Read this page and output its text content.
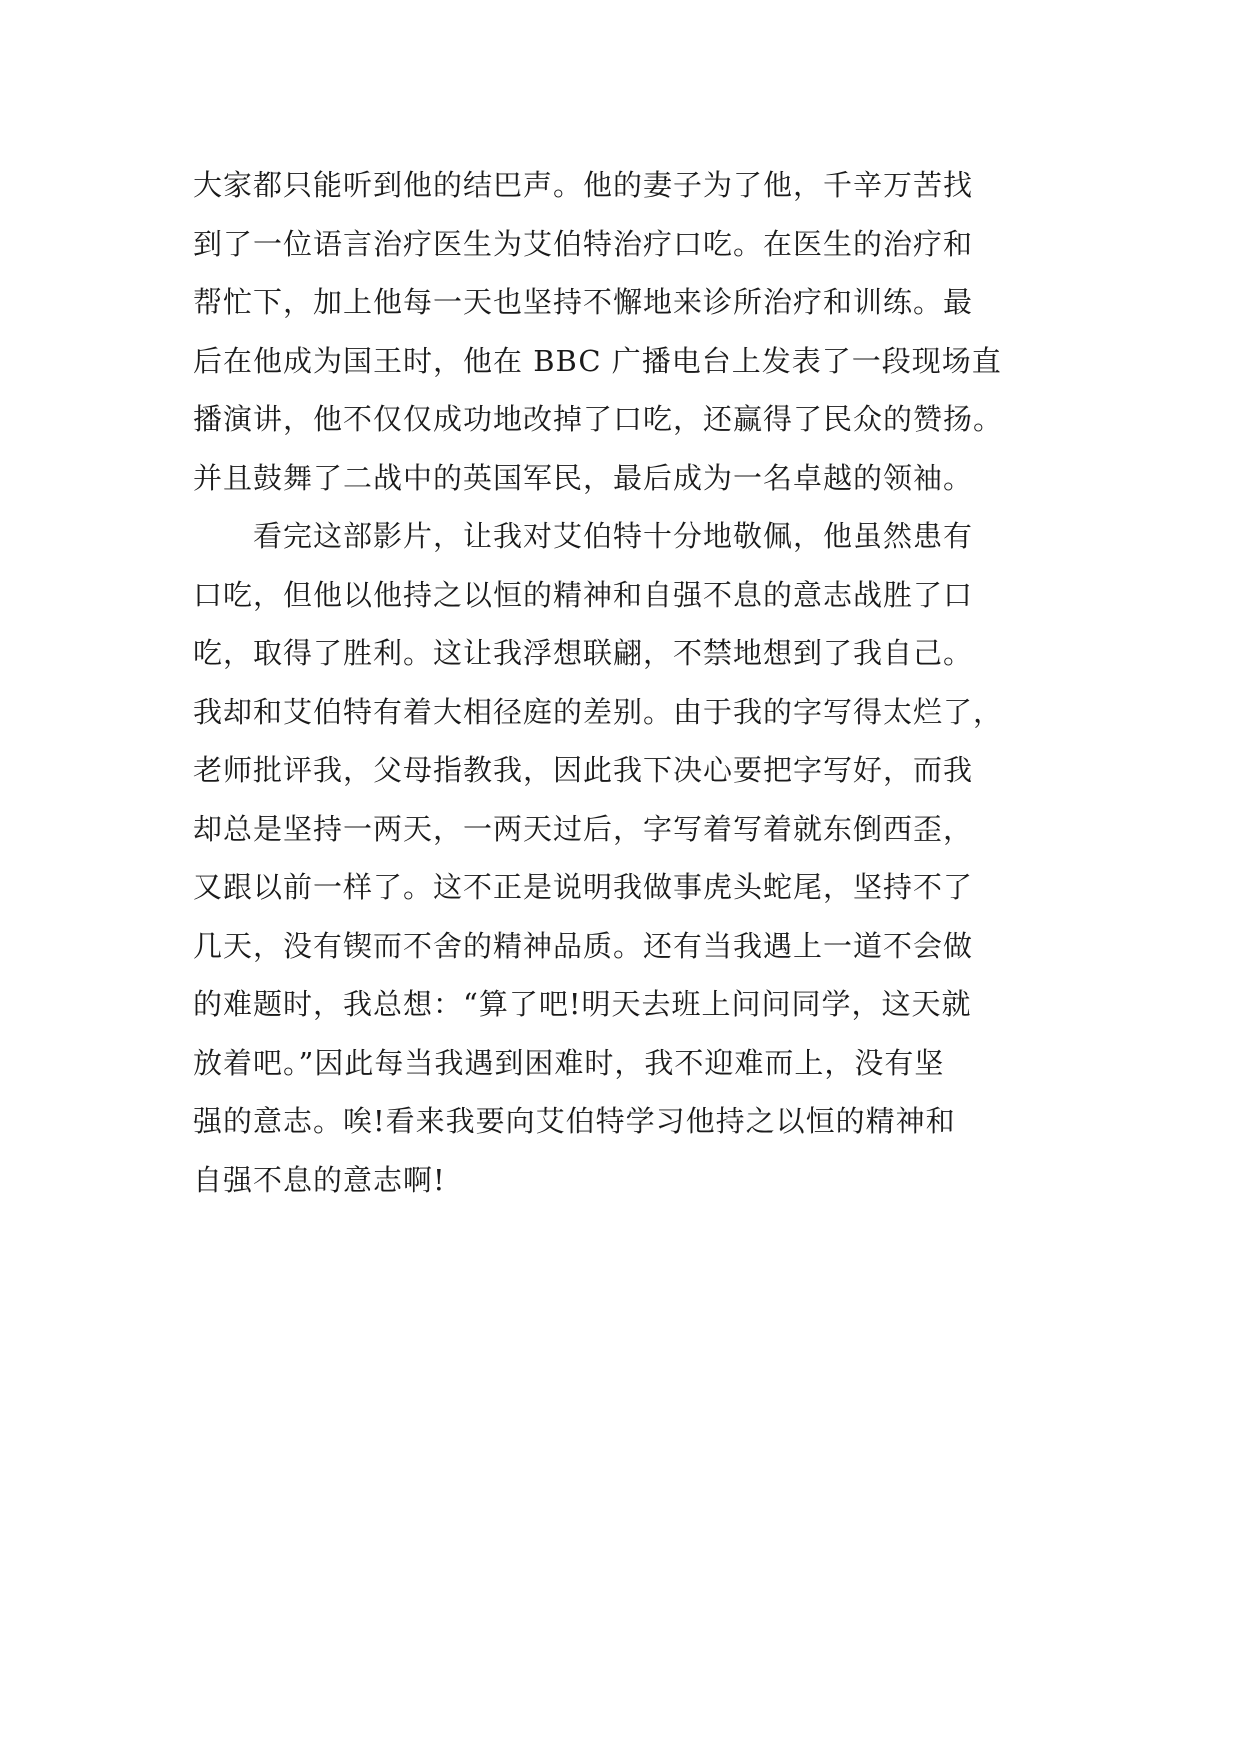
大家都只能听到他的结巴声。他的妻子为了他，千辛万苦找
到了一位语言治疗医生为艾伯特治疗口吃。在医生的治疗和
帮忙下，加上他每一天也坚持不懈地来诊所治疗和训练。最
后在他成为国王时，他在 BBC 广播电台上发表了一段现场直
播演讲，他不仅仅成功地改掉了口吃，还赢得了民众的赞扬。
并且鼓舞了二战中的英国军民，最后成为一名卓越的领袖。
　　看完这部影片，让我对艾伯特十分地敬佩，他虽然患有
口吃，但他以他持之以恒的精神和自强不息的意志战胜了口
吃，取得了胜利。这让我浮想联翩，不禁地想到了我自己。
我却和艾伯特有着大相径庭的差别。由于我的字写得太烂了，
老师批评我，父母指教我，因此我下决心要把字写好，而我
却总是坚持一两天，一两天过后，字写着写着就东倒西歪，
又跟以前一样了。这不正是说明我做事虎头蛇尾，坚持不了
几天，没有锲而不舍的精神品质。还有当我遇上一道不会做
的难题时，我总想：“算了吧!明天去班上问问同学，这天就
放着吧。”因此每当我遇到困难时，我不迎难而上，没有坚
强的意志。唉!看来我要向艾伯特学习他持之以恒的精神和
自强不息的意志啊!
